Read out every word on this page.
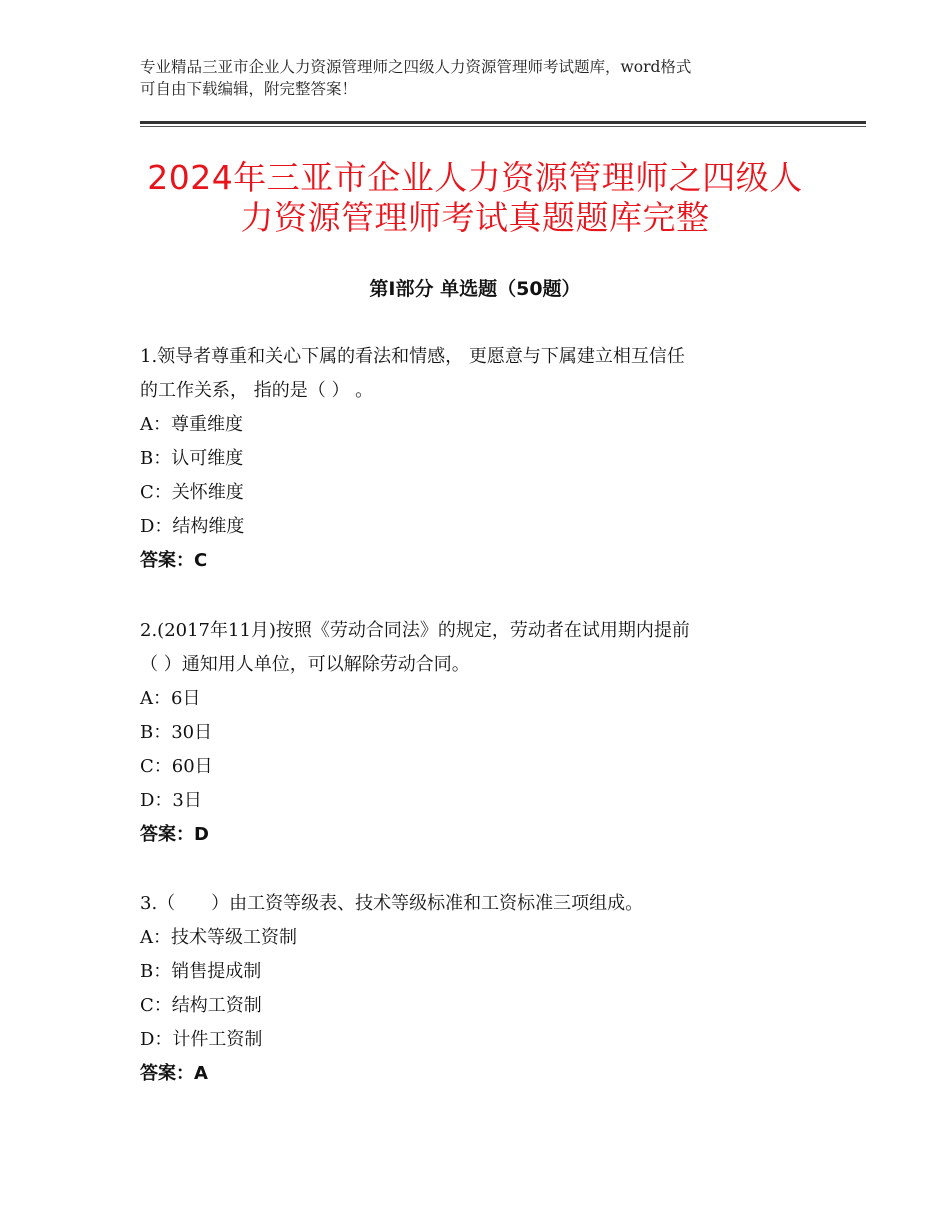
专业精品三亚市企业人力资源管理师之四级人力资源管理师考试题库，word格式
可自由下载编辑，附完整答案！
2024年三亚市企业人力资源管理师之四级人
力资源管理师考试真题题库完整
第Ⅰ部分 单选题（50题）
1.领导者尊重和关心下属的看法和情感， 更愿意与下属建立相互信任
的工作关系， 指的是（ ） 。
A：尊重维度
B：认可维度
C：关怀维度
D：结构维度
答案：C
2.(2017年11月)按照《劳动合同法》的规定，劳动者在试用期内提前
（ ）通知用人单位，可以解除劳动合同。
A：6日
B：30日
C：60日
D：3日
答案：D
3.（　　）由工资等级表、技术等级标准和工资标准三项组成。
A：技术等级工资制
B：销售提成制
C：结构工资制
D：计件工资制
答案：A
